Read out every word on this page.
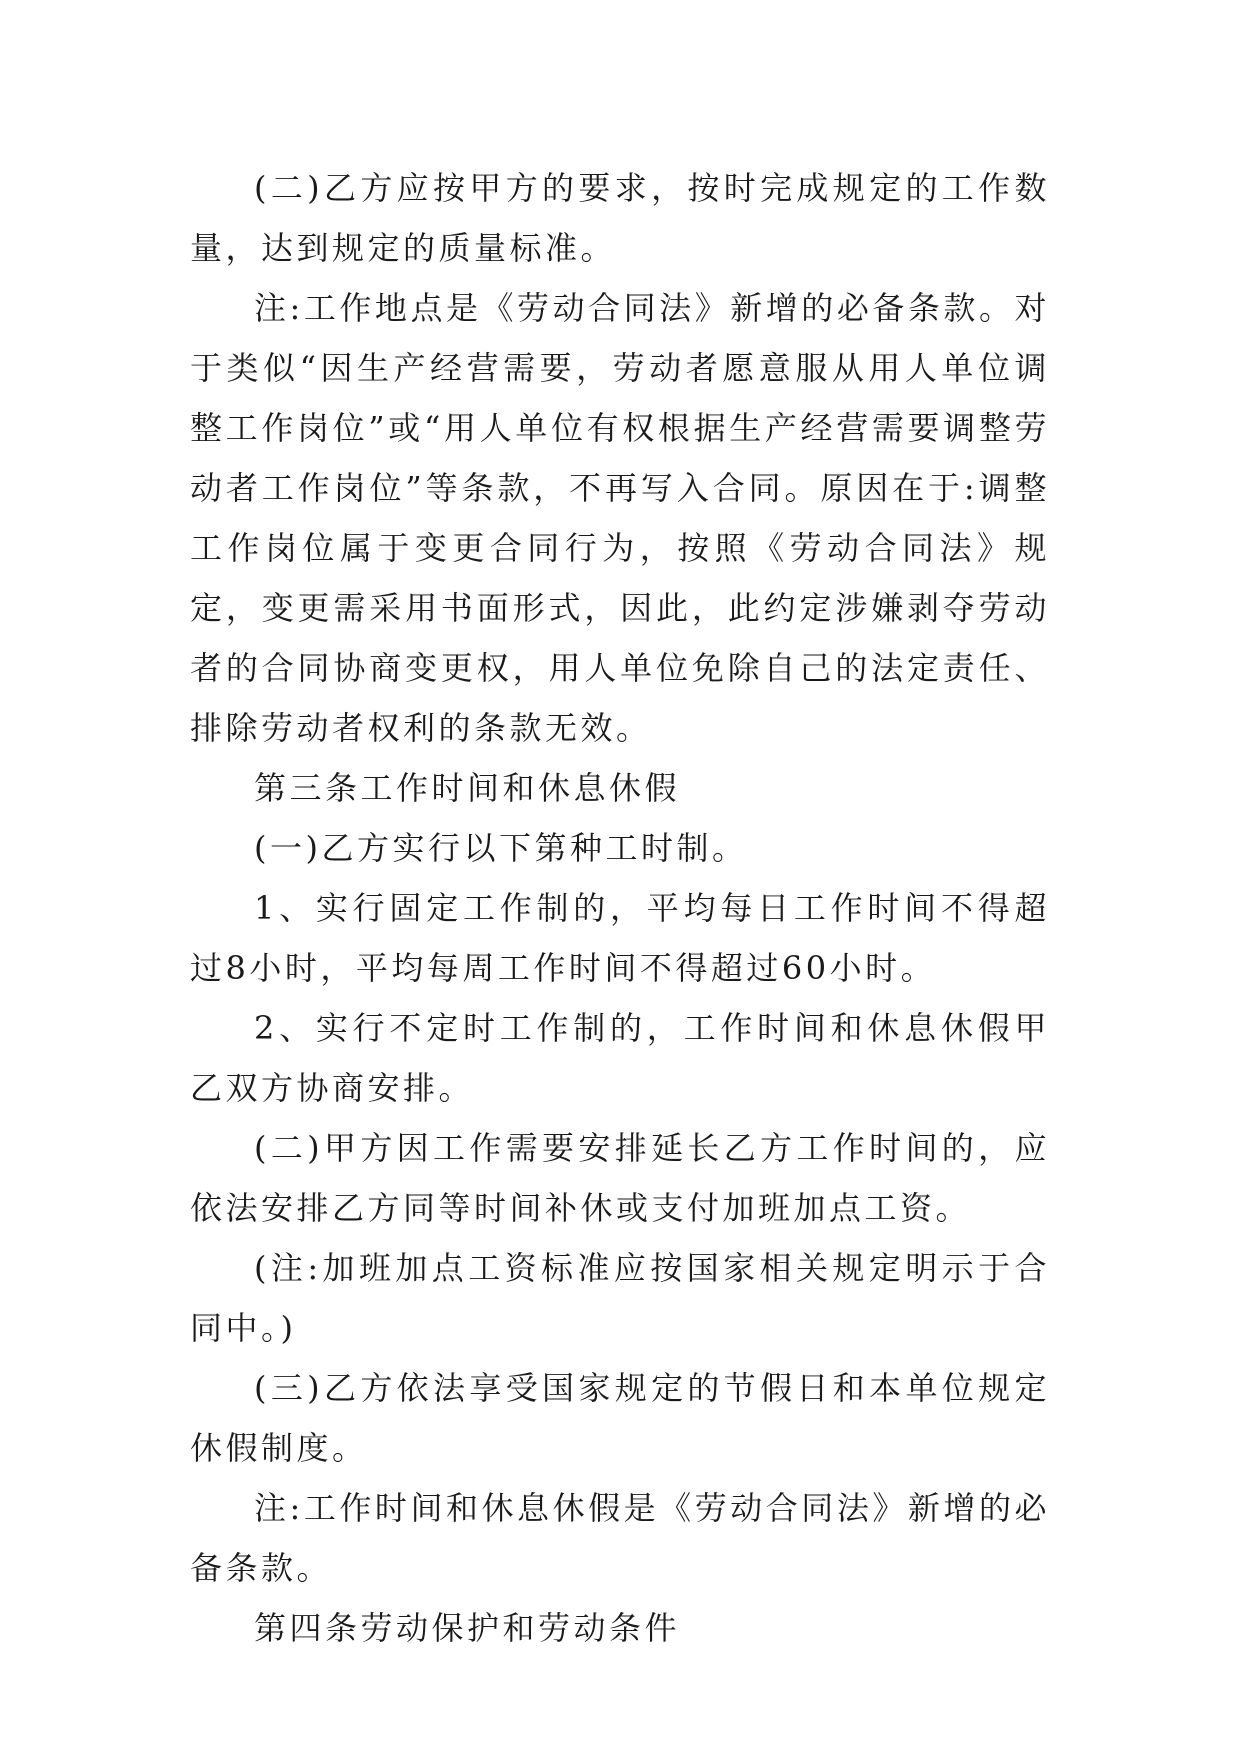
(二)乙方应按甲方的要求，按时完成规定的工作数量，达到规定的质量标准。

注:工作地点是《劳动合同法》新增的必备条款。对于类似“因生产经营需要，劳动者愿意服从用人单位调整工作岗位”或“用人单位有权根据生产经营需要调整劳动者工作岗位”等条款，不再写入合同。原因在于:调整工作岗位属于变更合同行为，按照《劳动合同法》规定，变更需采用书面形式，因此，此约定涉嫌剥夺劳动者的合同协商变更权，用人单位免除自己的法定责任、排除劳动者权利的条款无效。

第三条工作时间和休息休假

(一)乙方实行以下第种工时制。

1、实行固定工作制的，平均每日工作时间不得超过8小时，平均每周工作时间不得超过60小时。

2、实行不定时工作制的，工作时间和休息休假甲乙双方协商安排。

(二)甲方因工作需要安排延长乙方工作时间的，应依法安排乙方同等时间补休或支付加班加点工资。

(注:加班加点工资标准应按国家相关规定明示于合同中。)

(三)乙方依法享受国家规定的节假日和本单位规定休假制度。

注:工作时间和休息休假是《劳动合同法》新增的必备条款。

第四条劳动保护和劳动条件
